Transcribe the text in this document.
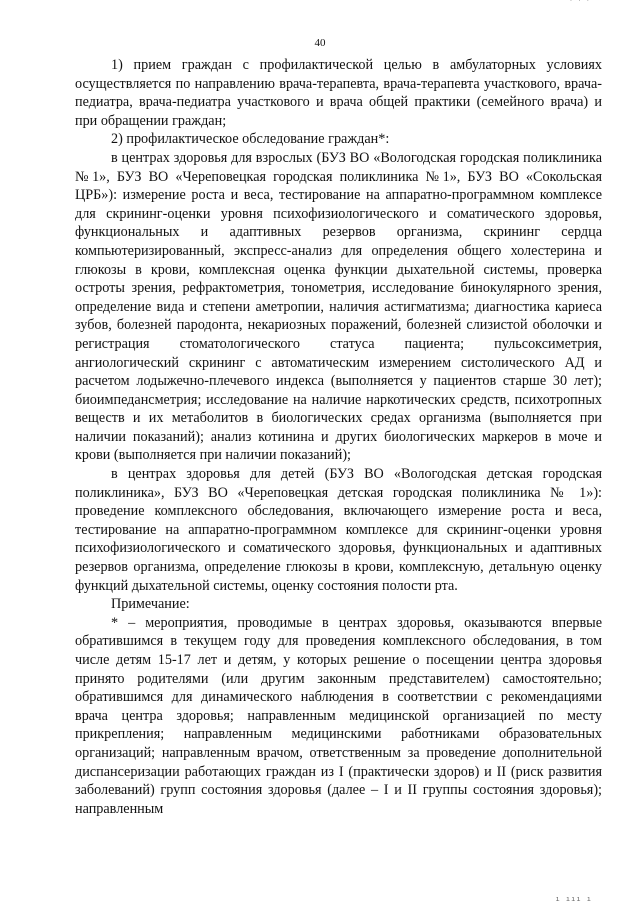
40

1) прием граждан с профилактической целью в амбулаторных условиях осуществляется по направлению врача-терапевта, врача-терапевта участкового, врача-педиатра, врача-педиатра участкового и врача общей практики (семейного врача) и при обращении граждан;

2) профилактическое обследование граждан*:

в центрах здоровья для взрослых (БУЗ ВО «Вологодская городская поликлиника №1», БУЗ ВО «Череповецкая городская поликлиника №1», БУЗ ВО «Сокольская ЦРБ»): измерение роста и веса, тестирование на аппаратно-программном комплексе для скрининг-оценки уровня психофизиологического и соматического здоровья, функциональных и адаптивных резервов организма, скрининг сердца компьютеризированный, экспресс-анализ для определения общего холестерина и глюкозы в крови, комплексная оценка функции дыхательной системы, проверка остроты зрения, рефрактометрия, тонометрия, исследование бинокулярного зрения, определение вида и степени аметропии, наличия астигматизма; диагностика кариеса зубов, болезней пародонта, некариозных поражений, болезней слизистой оболочки и регистрация стоматологического статуса пациента; пульсоксиметрия, ангиологический скрининг с автоматическим измерением систолического АД и расчетом лодыжечно-плечевого индекса (выполняется у пациентов старше 30 лет); биоимпедансметрия; исследование на наличие наркотических средств, психотропных веществ и их метаболитов в биологических средах организма (выполняется при наличии показаний); анализ котинина и других биологических маркеров в моче и крови (выполняется при наличии показаний);

в центрах здоровья для детей (БУЗ ВО «Вологодская детская городская поликлиника», БУЗ ВО «Череповецкая детская городская поликлиника № 1»): проведение комплексного обследования, включающего измерение роста и веса, тестирование на аппаратно-программном комплексе для скрининг-оценки уровня психофизиологического и соматического здоровья, функциональных и адаптивных резервов организма, определение глюкозы в крови, комплексную, детальную оценку функций дыхательной системы, оценку состояния полости рта.

Примечание:

* – мероприятия, проводимые в центрах здоровья, оказываются впервые обратившимся в текущем году для проведения комплексного обследования, в том числе детям 15-17 лет и детям, у которых решение о посещении центра здоровья принято родителями (или другим законным представителем) самостоятельно; обратившимся для динамического наблюдения в соответствии с рекомендациями врача центра здоровья; направленным медицинской организацией по месту прикрепления; направленным медицинскими работниками образовательных организаций; направленным врачом, ответственным за проведение дополнительной диспансеризации работающих граждан из I (практически здоров) и II (риск развития заболеваний) групп состояния здоровья (далее – I и II группы состояния здоровья); направленным

' ' '
ı ııı ı
